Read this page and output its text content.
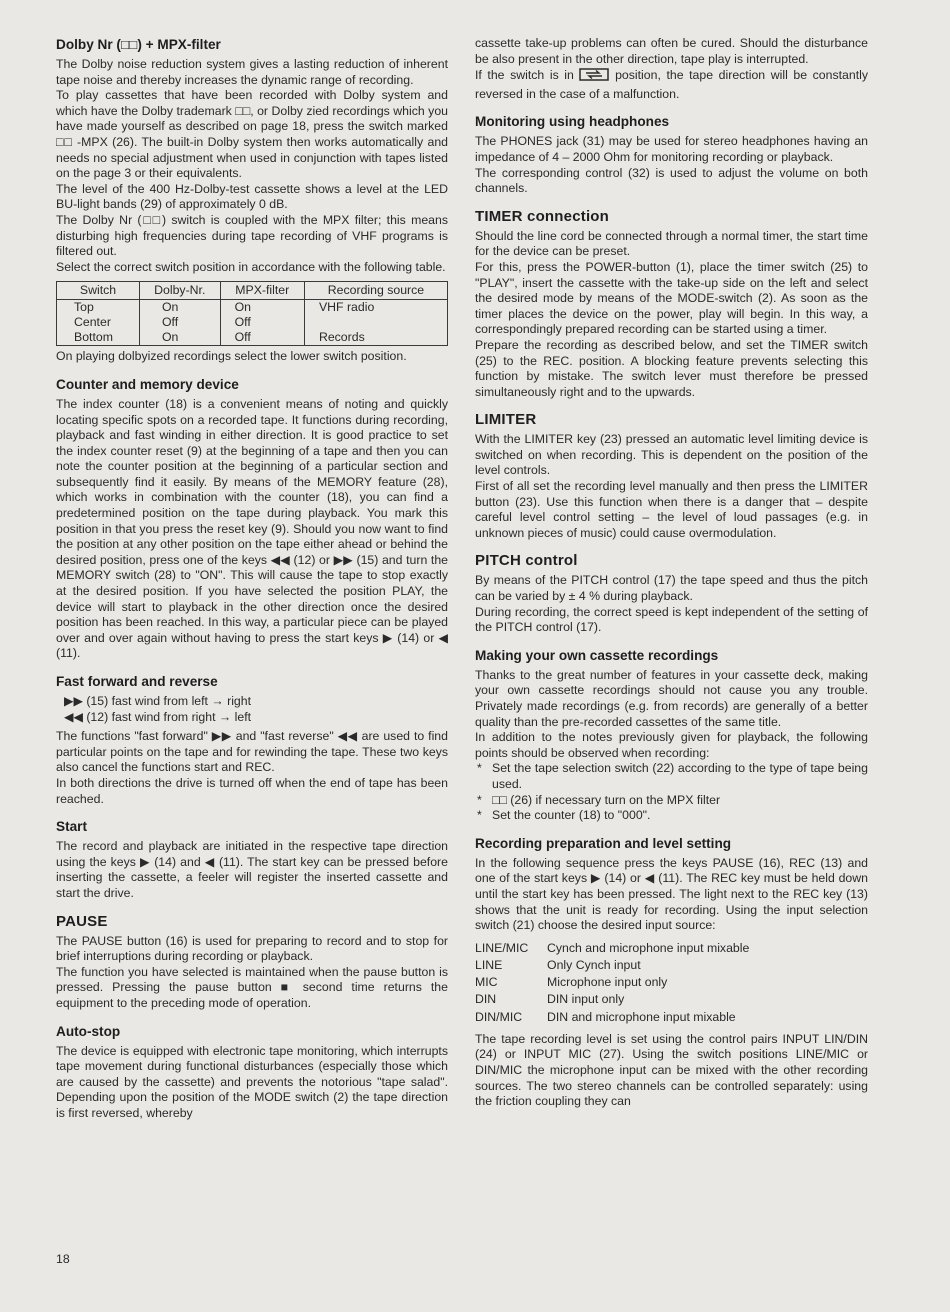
Dolby Nr (□□) + MPX-filter

The Dolby noise reduction system gives a lasting reduction of inherent tape noise and thereby increases the dynamic range of recording.

To play cassettes that have been recorded with Dolby system and which have the Dolby trademark □□, or Dolby zied recordings which you have made yourself as described on page 18, press the switch marked □□ -MPX (26). The built-in Dolby system then works automatically and needs no special adjustment when used in conjunction with tapes listed on the page 3 or their equivalents.

The level of the 400 Hz-Dolby-test cassette shows a level at the LED BU-light bands (29) of approximately 0 dB.

The Dolby Nr (□□) switch is coupled with the MPX filter; this means disturbing high frequencies during tape recording of VHF programs is filtered out.

Select the correct switch position in accordance with the following table.

Switch	Dolby-Nr.	MPX-filter	Recording source
Top	On	On	VHF radio
Center	Off	Off	
Bottom	On	Off	Records

On playing dolbyized recordings select the lower switch position.

Counter and memory device

The index counter (18) is a convenient means of noting and quickly locating specific spots on a recorded tape. It functions during recording, playback and fast winding in either direction. It is good practice to set the index counter reset (9) at the beginning of a tape and then you can note the counter position at the beginning of a particular section and subsequently find it easily. By means of the MEMORY feature (28), which works in combination with the counter (18), you can find a predetermined position on the tape during playback. You mark this position in that you press the reset key (9). Should you now want to find the position at any other position on the tape either ahead or behind the desired position, press one of the keys ◀◀ (12) or ▶▶ (15) and turn the MEMORY switch (28) to "ON". This will cause the tape to stop exactly at the desired position. If you have selected the position PLAY, the device will start to playback in the other direction once the desired position has been reached. In this way, a particular piece can be played over and over again without having to press the start keys ▶ (14) or ◀ (11).

Fast forward and reverse
▶▶ (15) fast wind from left → right
◀◀ (12) fast wind from right → left

The functions "fast forward" ▶▶ and "fast reverse" ◀◀ are used to find particular points on the tape and for rewinding the tape. These two keys also cancel the functions start and REC.

In both directions the drive is turned off when the end of tape has been reached.

Start

The record and playback are initiated in the respective tape direction using the keys ▶ (14) and ◀ (11). The start key can be pressed before inserting the cassette, a feeler will register the inserted cassette and start the drive.

PAUSE

The PAUSE button (16) is used for preparing to record and to stop for brief interruptions during recording or playback.

The function you have selected is maintained when the pause button is pressed. Pressing the pause button ■ second time returns the equipment to the preceding mode of operation.

Auto-stop

The device is equipped with electronic tape monitoring, which interrupts tape movement during functional disturbances (especially those which are caused by the cassette) and prevents the notorious "tape salad". Depending upon the position of the MODE switch (2) the tape direction is first reversed, whereby

cassette take-up problems can often be cured. Should the disturbance be also present in the other direction, tape play is interrupted.

If the switch is in	position, the tape direction will be constantly reversed in the case of a malfunction.

Monitoring using headphones

The PHONES jack (31) may be used for stereo headphones having an impedance of 4 – 2000 Ohm for monitoring recording or playback.

The corresponding control (32) is used to adjust the volume on both channels.

TIMER connection

Should the line cord be connected through a normal timer, the start time for the device can be preset.

For this, press the POWER-button (1), place the timer switch (25) to "PLAY", insert the cassette with the take-up side on the left and select the desired mode by means of the MODE-switch (2). As soon as the timer places the device on the power, play will begin. In this way, a correspondingly prepared recording can be started using a timer.

Prepare the recording as described below, and set the TIMER switch (25) to the REC. position. A blocking feature prevents selecting this function by mistake. The switch lever must therefore be pressed simultaneously right and to the upwards.

LIMITER

With the LIMITER key (23) pressed an automatic level limiting device is switched on when recording. This is dependent on the position of the level controls.

First of all set the recording level manually and then press the LIMITER button (23). Use this function when there is a danger that – despite careful level control setting – the level of loud passages (e.g. in unknown pieces of music) could cause overmodulation.

PITCH control

By means of the PITCH control (17) the tape speed and thus the pitch can be varied by ± 4 % during playback.

During recording, the correct speed is kept independent of the setting of the PITCH control (17).

Making your own cassette recordings

Thanks to the great number of features in your cassette deck, making your own cassette recordings should not cause you any trouble. Privately made recordings (e.g. from records) are generally of a better quality than the pre-recorded cassettes of the same title.

In addition to the notes previously given for playback, the following points should be observed when recording:

* Set the tape selection switch (22) according to the type of tape being used.
* □□ (26) if necessary turn on the MPX filter
* Set the counter (18) to "000".
Recording preparation and level setting

In the following sequence press the keys PAUSE (16), REC (13) and one of the start keys ▶ (14) or ◀ (11). The REC key must be held down until the start key has been pressed. The light next to the REC key (13) shows that the unit is ready for recording. Using the input selection switch (21) choose the desired input source:

LINE/MIC	Cynch and microphone input mixable
LINE	Only Cynch input
MIC	Microphone input only
DIN	DIN input only
DIN/MIC	DIN and microphone input mixable

The tape recording level is set using the control pairs INPUT LIN/DIN (24) or INPUT MIC (27). Using the switch positions LINE/MIC or DIN/MIC the microphone input can be mixed with the other recording sources. The two stereo channels can be controlled separately: using the friction coupling they can

18
